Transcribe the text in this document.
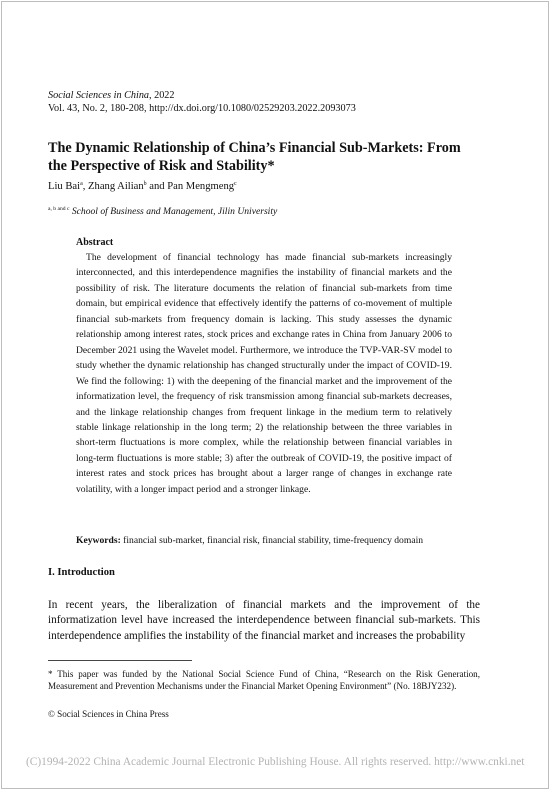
Social Sciences in China, 2022
Vol. 43, No. 2, 180-208, http://dx.doi.org/10.1080/02529203.2022.2093073
The Dynamic Relationship of China’s Financial Sub-Markets: From the Perspective of Risk and Stability*
Liu Bai$^a$, Zhang Ailian$^b$ and Pan Mengmeng$^c$
$^{a, b and c}$ School of Business and Management, Jilin University
Abstract

The development of financial technology has made financial sub-markets increasingly interconnected, and this interdependence magnifies the instability of financial markets and the possibility of risk. The literature documents the relation of financial sub-markets from time domain, but empirical evidence that effectively identify the patterns of co-movement of multiple financial sub-markets from frequency domain is lacking. This study assesses the dynamic relationship among interest rates, stock prices and exchange rates in China from January 2006 to December 2021 using the Wavelet model. Furthermore, we introduce the TVP-VAR-SV model to study whether the dynamic relationship has changed structurally under the impact of COVID-19. We find the following: 1) with the deepening of the financial market and the improvement of the informatization level, the frequency of risk transmission among financial sub-markets decreases, and the linkage relationship changes from frequent linkage in the medium term to relatively stable linkage relationship in the long term; 2) the relationship between the three variables in short-term fluctuations is more complex, while the relationship between financial variables in long-term fluctuations is more stable; 3) after the outbreak of COVID-19, the positive impact of interest rates and stock prices has brought about a larger range of changes in exchange rate volatility, with a longer impact period and a stronger linkage.

Keywords: financial sub-market, financial risk, financial stability, time-frequency domain
I. Introduction

In recent years, the liberalization of financial markets and the improvement of the informatization level have increased the interdependence between financial sub-markets. This interdependence amplifies the instability of the financial market and increases the probability

* This paper was funded by the National Social Science Fund of China, “Research on the Risk Generation, Measurement and Prevention Mechanisms under the Financial Market Opening Environment” (No. 18BJY232).

© Social Sciences in China Press
(C)1994-2022 China Academic Journal Electronic Publishing House. All rights reserved. http://www.cnki.net
